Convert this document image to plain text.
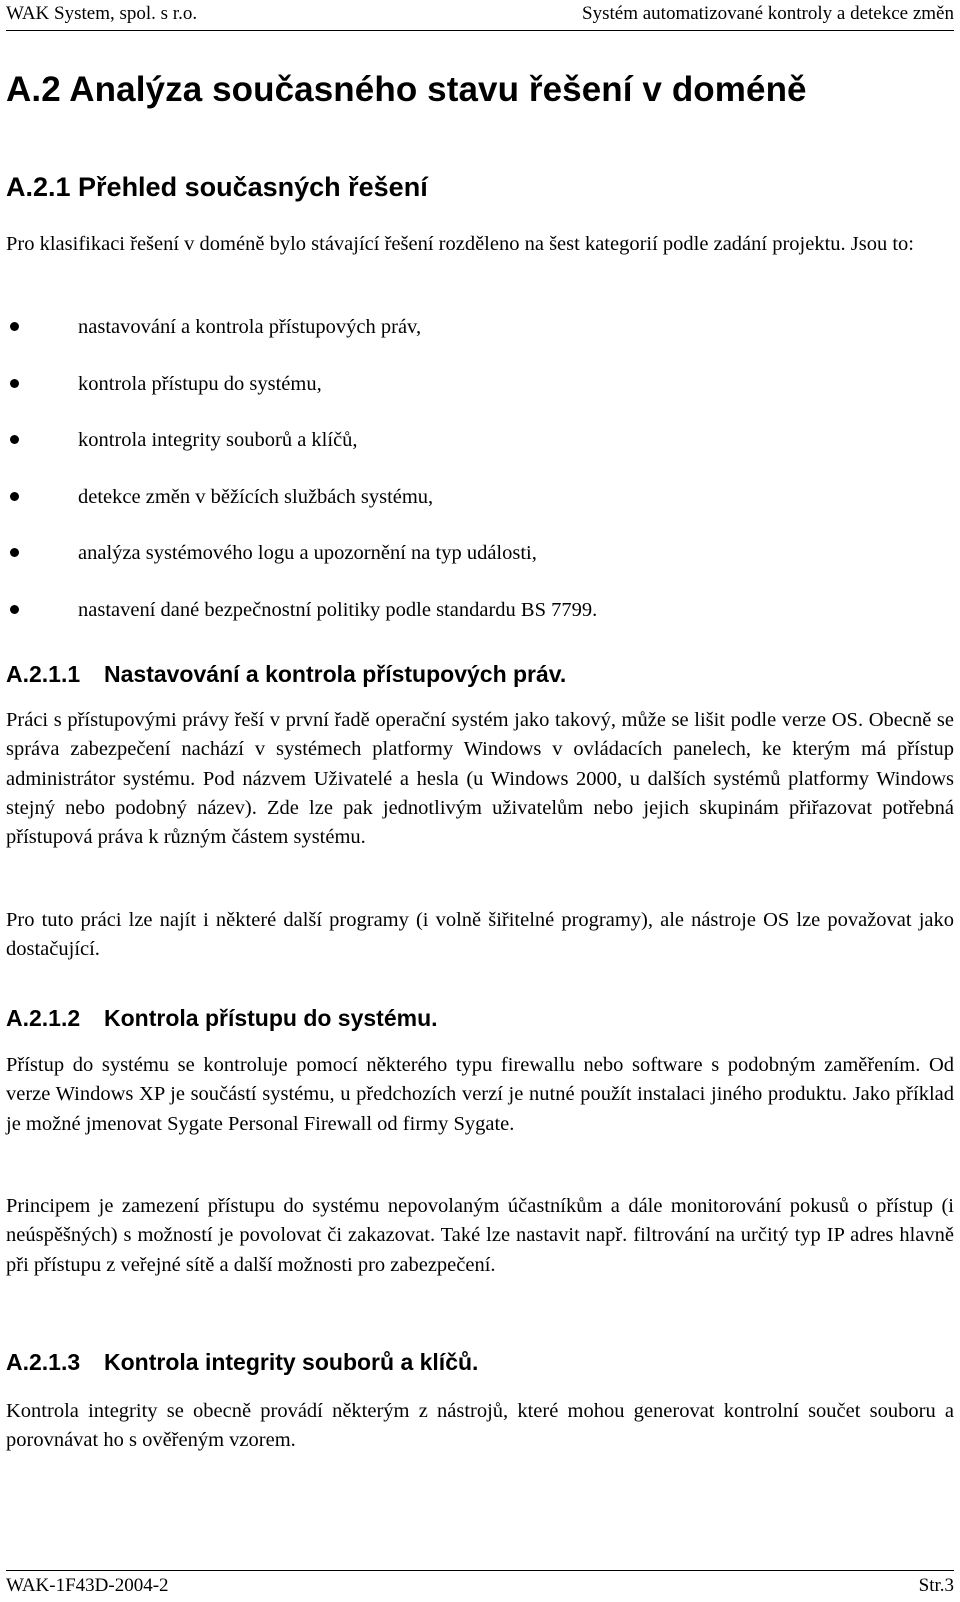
WAK System, spol. s r.o.	Systém automatizované kontroly a detekce změn
A.2 Analýza současného stavu řešení v doméně
A.2.1 Přehled současných řešení
Pro klasifikaci řešení v doméně bylo stávající řešení rozděleno na šest kategorií podle zadání projektu. Jsou to:
nastavování a kontrola přístupových práv,
kontrola přístupu do systému,
kontrola integrity souborů a klíčů,
detekce změn v běžících službách systému,
analýza systémového logu a upozornění na typ události,
nastavení dané bezpečnostní politiky podle standardu BS 7799.
A.2.1.1 Nastavování a kontrola přístupových práv.
Práci s přístupovými právy řeší v první řadě operační systém jako takový, může se lišit podle verze OS. Obecně se správa zabezpečení nachází v systémech platformy Windows v ovládacích panelech, ke kterým má přístup administrátor systému. Pod názvem Uživatelé a hesla (u Windows 2000, u dalších systémů platformy Windows stejný nebo podobný název). Zde lze pak jednotlivým uživatelům nebo jejich skupinám přiřazovat potřebná přístupová práva k různým částem systému.
Pro tuto práci lze najít i některé další programy (i volně šiřitelné programy), ale nástroje OS lze považovat jako dostačující.
A.2.1.2 Kontrola přístupu do systému.
Přístup do systému se kontroluje pomocí některého typu firewallu nebo software s podobným zaměřením. Od verze Windows XP je součástí systému, u předchozích verzí je nutné použít instalaci jiného produktu. Jako příklad je možné jmenovat Sygate Personal Firewall od firmy Sygate.
Principem je zamezení přístupu do systému nepovolaným účastníkům a dále monitorování pokusů o přístup (i neúspěšných) s možností je povolovat či zakazovat. Také lze nastavit např. filtrování na určitý typ IP adres hlavně při přístupu z veřejné sítě a další možnosti pro zabezpečení.
A.2.1.3 Kontrola integrity souborů a klíčů.
Kontrola integrity se obecně provádí některým z nástrojů, které mohou generovat kontrolní součet souboru a porovnávat ho s ověřeným vzorem.
WAK-1F43D-2004-2	Str.3
